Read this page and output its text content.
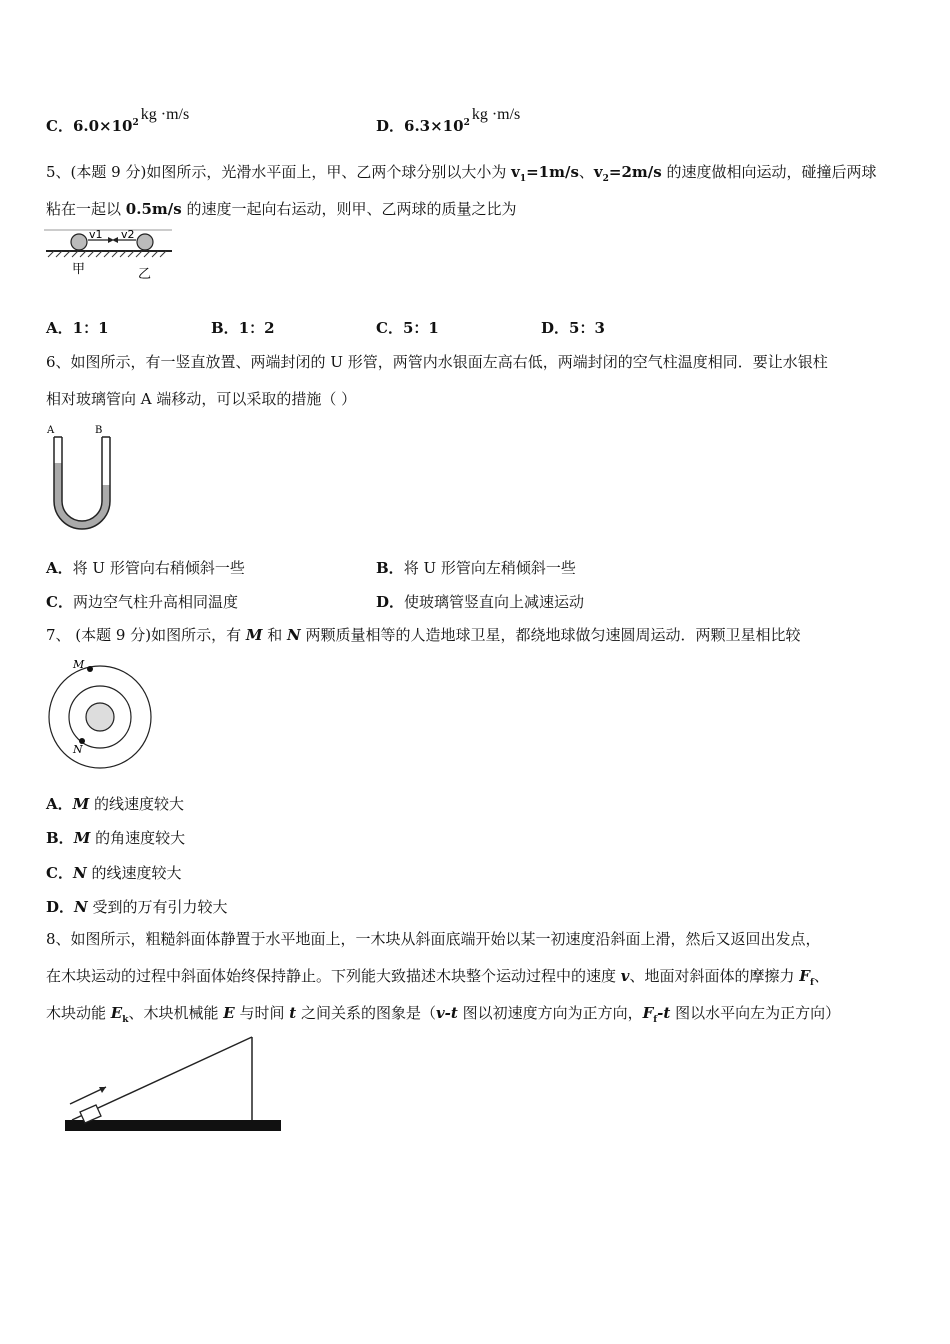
C．$6.0\times 10^2$ kg ·m/s
D．$6.3\times 10^2$ kg ·m/s
5、(本题 9 分)如图所示，光滑水平面上，甲、乙两个球分别以大小为 $v_1=1m/s$、$v_2=2m/s$ 的速度做相向运动，碰撞后两球
粘在一起以 0.5m/s 的速度一起向右运动，则甲、乙两球的质量之比为
v1 v2
甲	乙
A．1：1	B．1：2	C．5：1	D．5：3
6、如图所示，有一竖直放置、两端封闭的 U 形管，两管内水银面左高右低，两端封闭的空气柱温度相同．要让水银柱
相对玻璃管向 A 端移动，可以采取的措施（ ）
A	B
A．将 U 形管向右稍倾斜一些	B．将 U 形管向左稍倾斜一些
C．两边空气柱升高相同温度	D．使玻璃管竖直向上减速运动
7、 (本题 9 分)如图所示，有 M 和 N 两颗质量相等的人造地球卫星，都绕地球做匀速圆周运动．两颗卫星相比较
M
N
A．M 的线速度较大
B．M 的角速度较大
C．N 的线速度较大
D．N 受到的万有引力较大
8、如图所示，粗糙斜面体静置于水平地面上，一木块从斜面底端开始以某一初速度沿斜面上滑，然后又返回出发点，
在木块运动的过程中斜面体始终保持静止。下列能大致描述木块整个运动过程中的速度 v、地面对斜面体的摩擦力 $F_f$、
木块动能 $E_k$、木块机械能 E 与时间 t 之间关系的图象是（v-t 图以初速度方向为正方向，$F_f-t$ 图以水平向左为正方向）
